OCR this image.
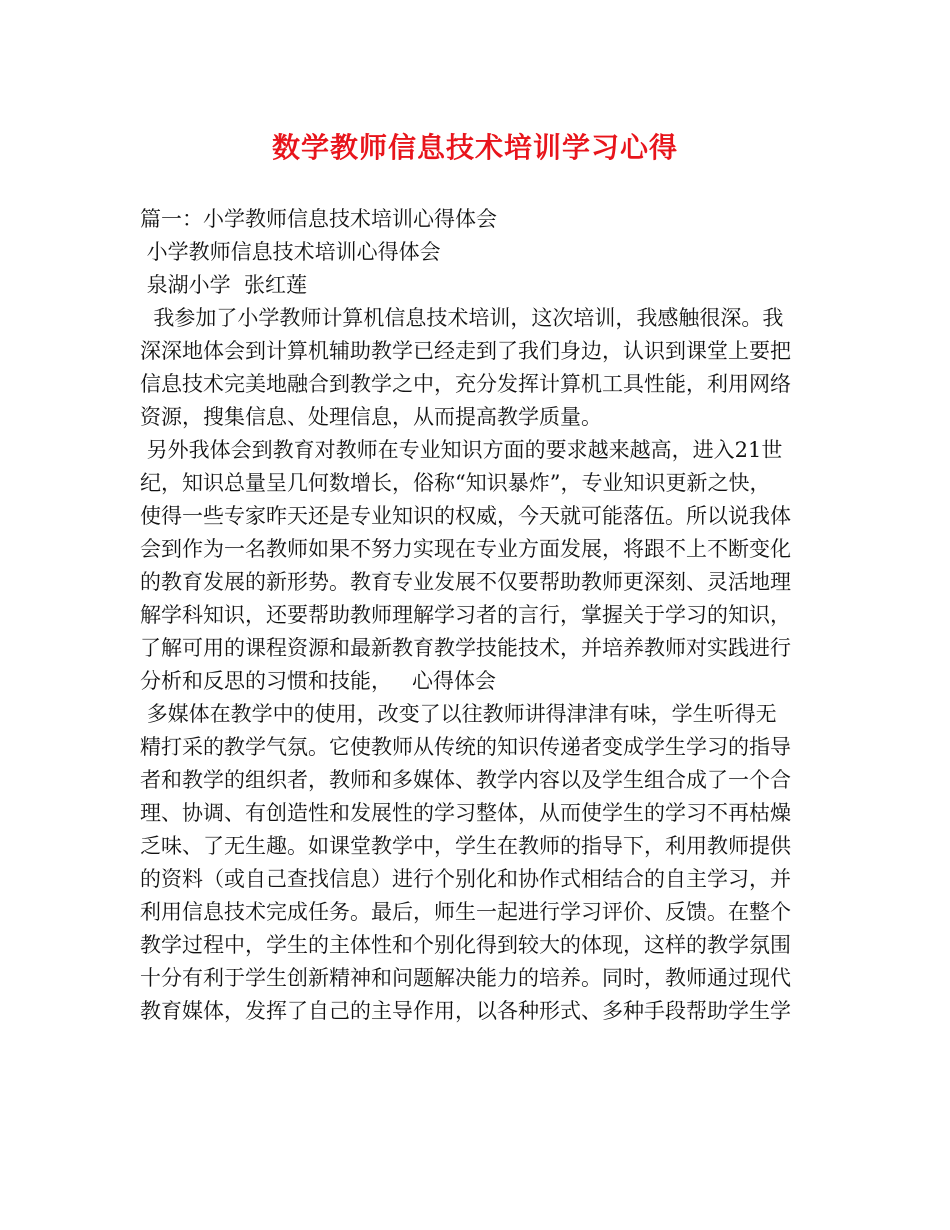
数学教师信息技术培训学习心得
篇一：小学教师信息技术培训心得体会
小学教师信息技术培训心得体会
泉湖小学  张红莲
我参加了小学教师计算机信息技术培训，这次培训，我感触很深。我
深深地体会到计算机辅助教学已经走到了我们身边，认识到课堂上要把
信息技术完美地融合到教学之中，充分发挥计算机工具性能，利用网络
资源，搜集信息、处理信息，从而提高教学质量。
另外我体会到教育对教师在专业知识方面的要求越来越高，进入21世
纪，知识总量呈几何数增长，俗称“知识暴炸”，专业知识更新之快，
使得一些专家昨天还是专业知识的权威，今天就可能落伍。所以说我体
会到作为一名教师如果不努力实现在专业方面发展，将跟不上不断变化
的教育发展的新形势。教育专业发展不仅要帮助教师更深刻、灵活地理
解学科知识，还要帮助教师理解学习者的言行，掌握关于学习的知识，
了解可用的课程资源和最新教育教学技能技术，并培养教师对实践进行
分析和反思的习惯和技能，   心得体会
多媒体在教学中的使用，改变了以往教师讲得津津有味，学生听得无
精打采的教学气氛。它使教师从传统的知识传递者变成学生学习的指导
者和教学的组织者，教师和多媒体、教学内容以及学生组合成了一个合
理、协调、有创造性和发展性的学习整体，从而使学生的学习不再枯燥
乏味、了无生趣。如课堂教学中，学生在教师的指导下，利用教师提供
的资料（或自己查找信息）进行个别化和协作式相结合的自主学习，并
利用信息技术完成任务。最后，师生一起进行学习评价、反馈。在整个
教学过程中，学生的主体性和个别化得到较大的体现，这样的教学氛围
十分有利于学生创新精神和问题解决能力的培养。同时，教师通过现代
教育媒体，发挥了自己的主导作用，以各种形式、多种手段帮助学生学
